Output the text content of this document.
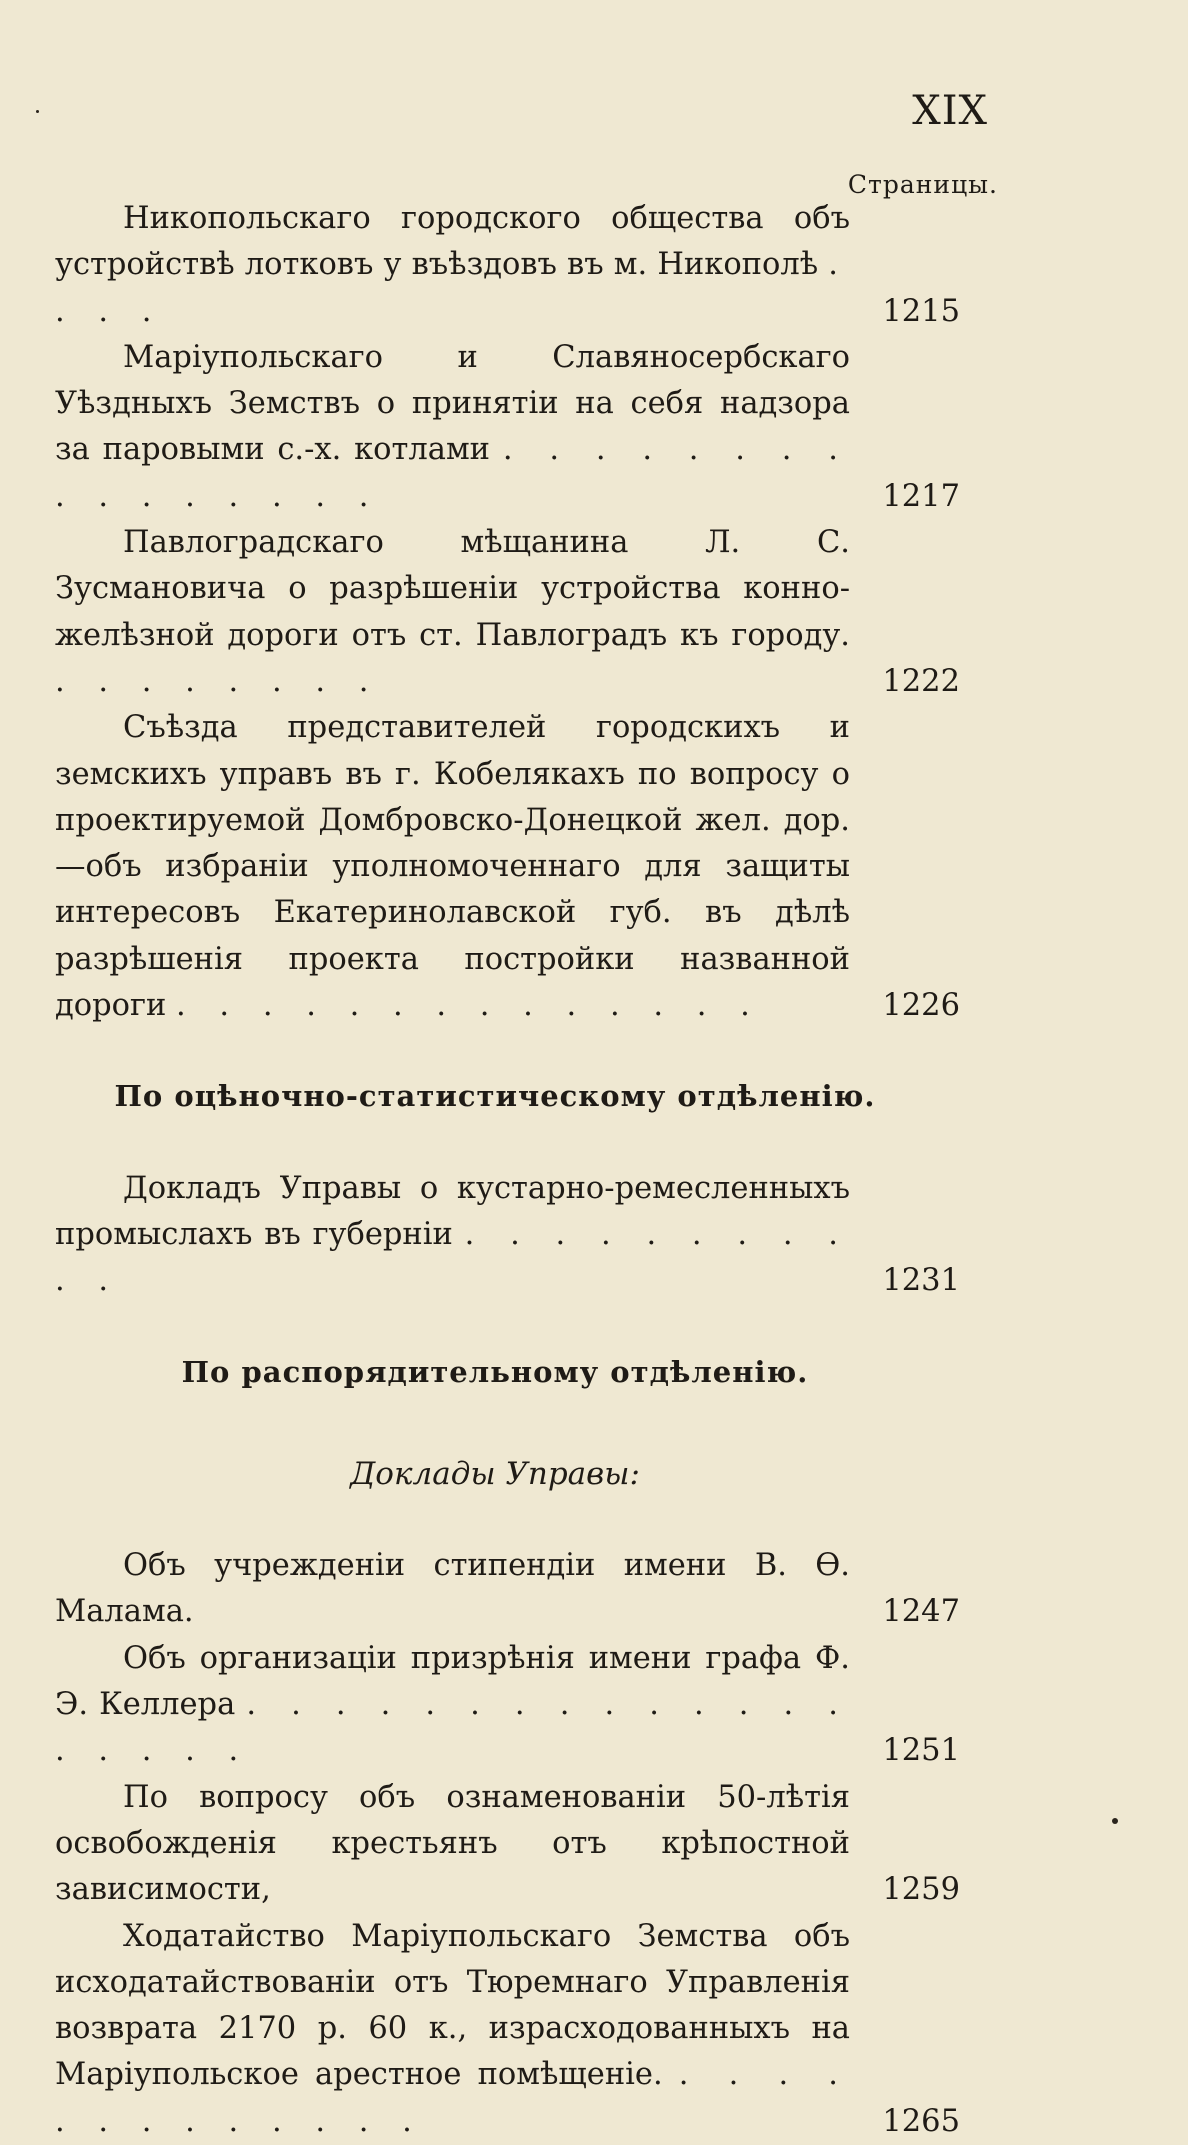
XIX
Страницы.
Никопольскаго городского общества объ устройствѣ лотковъ у въѣздовъ въ м. Никополѣ . . . .	1215
Маріупольскаго и Славяносербскаго Уѣздныхъ Земствъ о принятіи на себя надзора за паровыми с.-х. котлами . . . . . . . . . . . . . . . .	1217
Павлоградскаго мѣщанина Л. С. Зусмановича о разрѣшеніи устройства конно-желѣзной дороги отъ ст. Павлоградъ къ городу. . . . . . . . .	1222
Съѣзда представителей городскихъ и земскихъ управъ въ г. Кобелякахъ по вопросу о проектируемой Домбровско-Донецкой жел. дор.—объ избраніи уполномоченнаго для защиты интересовъ Екатеринолавской губ. въ дѣлѣ разрѣшенія проекта постройки названной дороги . . . . . . . . . . . . . .	1226
По оцѣночно-статистическому отдѣленію.
Докладъ Управы о кустарно-ремесленныхъ промыслахъ въ губерніи . . . . . . . . . . .	1231
По распорядительному отдѣленію.
Доклады Управы:
Объ учрежденіи стипендіи имени В. Ѳ. Малама.	1247
Объ организаціи призрѣнія имени графа Ф. Э. Келлера . . . . . . . . . . . . . . . . . . .	1251
По вопросу объ ознаменованіи 50-лѣтія освобожденія крестьянъ отъ крѣпостной зависимости,	1259
Ходатайство Маріупольскаго Земства объ исходатайствованіи отъ Тюремнаго Управленія возврата 2170 р. 60 к., израсходованныхъ на Маріупольское арестное помѣщеніе. . . . . . . . . . . . . .	1265
